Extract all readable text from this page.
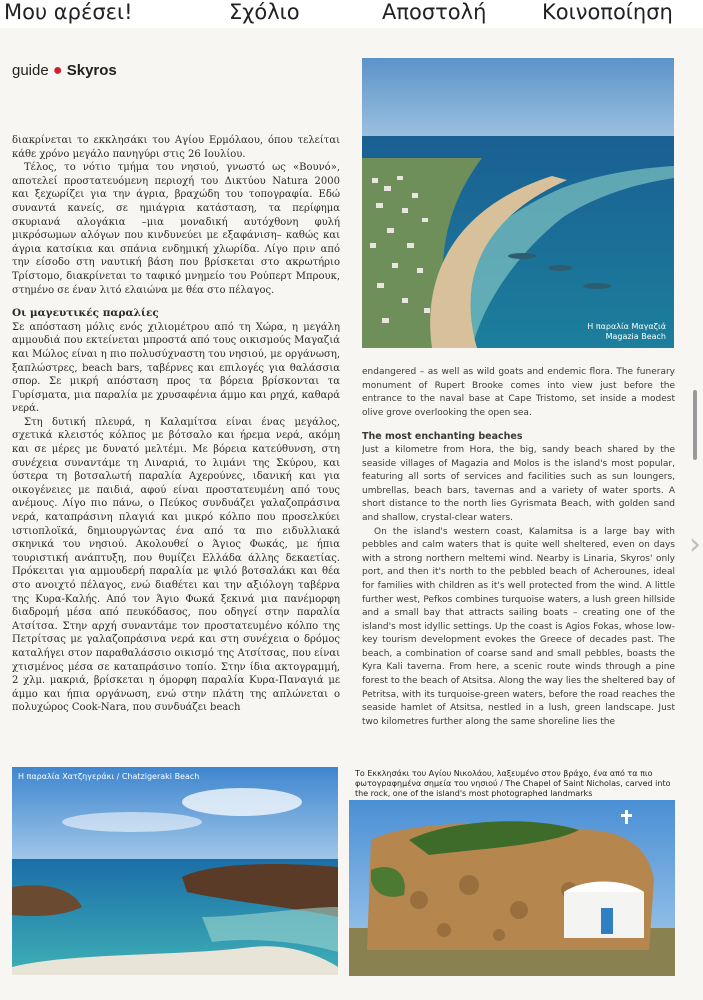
Μου αρέσει!	Σχόλιο	Αποστολή	Κοινοποίηση
guide ● Skyros

διακρίνεται το εκκλησάκι του Αγίου Ερμόλαου, όπου τελείται κάθε χρόνο μεγάλο πανηγύρι στις 26 Ιουλίου.

Τέλος, το νότιο τμήμα του νησιού, γνωστό ως «Βουνό», αποτελεί προστατευόμενη περιοχή του Δικτύου Natura 2000 και ξεχωρίζει για την άγρια, βραχώδη του τοπογραφία. Εδώ συναντά κανείς, σε ημιάγρια κατάσταση, τα περίφημα σκυριανά αλογάκια –μια μοναδική αυτόχθονη φυλή μικρόσωμων αλόγων που κινδυνεύει με εξαφάνιση– καθώς και άγρια κατσίκια και σπάνια ενδημική χλωρίδα. Λίγο πριν από την είσοδο στη ναυτική βάση που βρίσκεται στο ακρωτήριο Τρίστομο, διακρίνεται το ταφικό μνημείο του Ρούπερτ Μπρουκ, στημένο σε έναν λιτό ελαιώνα με θέα στο πέλαγος.

Οι μαγευτικές παραλίες

Σε απόσταση μόλις ενός χιλιομέτρου από τη Χώρα, η μεγάλη αμμουδιά που εκτείνεται μπροστά από τους οικισμούς Μαγαζιά και Μώλος είναι η πιο πολυσύχναστη του νησιού, με οργάνωση, ξαπλώστρες, beach bars, ταβέρνες και επιλογές για θαλάσσια σπορ. Σε μικρή απόσταση προς τα βόρεια βρίσκονται τα Γυρίσματα, μια παραλία με χρυσαφένια άμμο και ρηχά, καθαρά νερά.

Στη δυτική πλευρά, η Καλαμίτσα είναι ένας μεγάλος, σχετικά κλειστός κόλπος με βότσαλο και ήρεμα νερά, ακόμη και σε μέρες με δυνατό μελτέμι. Με βόρεια κατεύθυνση, στη συνέχεια συναντάμε τη Λιναριά, το λιμάνι της Σκύρου, και ύστερα τη βοτσαλωτή παραλία Αχερούνες, ιδανική και για οικογένειες με παιδιά, αφού είναι προστατευμένη από τους ανέμους. Λίγο πιο πάνω, ο Πεύκος συνδυάζει γαλαζοπράσινα νερά, καταπράσινη πλαγιά και μικρό κόλπο που προσελκύει ιστιοπλοϊκά, δημιουργώντας ένα από τα πιο ειδυλλιακά σκηνικά του νησιού. Ακολουθεί ο Άγιος Φωκάς, με ήπια τουριστική ανάπτυξη, που θυμίζει Ελλάδα άλλης δεκαετίας. Πρόκειται για αμμουδερή παραλία με ψιλό βοτσαλάκι και θέα στο ανοιχτό πέλαγος, ενώ διαθέτει και την αξιόλογη ταβέρνα της Κυρα-Καλής. Από τον Άγιο Φωκά ξεκινά μια πανέμορφη διαδρομή μέσα από πευκόδασος, που οδηγεί στην παραλία Ατσίτσα. Στην αρχή συναντάμε τον προστατευμένο κόλπο της Πετρίτσας με γαλαζοπράσινα νερά και στη συνέχεια ο δρόμος καταλήγει στον παραθαλάσσιο οικισμό της Ατσίτσας, που είναι χτισμένος μέσα σε καταπράσινο τοπίο. Στην ίδια ακτογραμμή, 2 χλμ. μακριά, βρίσκεται η όμορφη παραλία Κυρα-Παναγιά με άμμο και ήπια οργάνωση, ενώ στην πλάτη της απλώνεται ο πολυχώρος Cook-Nara, που συνδυάζει beach

Η παραλία Μαγαζιά
Magazia Beach

endangered – as well as wild goats and endemic flora. The funerary monument of Rupert Brooke comes into view just before the entrance to the naval base at Cape Tristomo, set inside a modest olive grove overlooking the open sea.

The most enchanting beaches

Just a kilometre from Hora, the big, sandy beach shared by the seaside villages of Magazia and Molos is the island's most popular, featuring all sorts of services and facilities such as sun loungers, umbrellas, beach bars, tavernas and a variety of water sports. A short distance to the north lies Gyrismata Beach, with golden sand and shallow, crystal-clear waters.

On the island's western coast, Kalamitsa is a large bay with pebbles and calm waters that is quite well sheltered, even on days with a strong northern meltemi wind. Nearby is Linaria, Skyros' only port, and then it's north to the pebbled beach of Acherounes, ideal for families with children as it's well protected from the wind. A little further west, Pefkos combines turquoise waters, a lush green hillside and a small bay that attracts sailing boats – creating one of the island's most idyllic settings. Up the coast is Agios Fokas, whose low-key tourism development evokes the Greece of decades past. The beach, a combination of coarse sand and small pebbles, boasts the Kyra Kali taverna. From here, a scenic route winds through a pine forest to the beach of Atsitsa. Along the way lies the sheltered bay of Petritsa, with its turquoise-green waters, before the road reaches the seaside hamlet of Atsitsa, nestled in a lush, green landscape. Just two kilometres further along the same shoreline lies the

Η παραλία Χατζηγεράκι / Chatzigeraki Beach	Το Εκκλησάκι του Αγίου Νικολάου, λαξευμένο στον βράχο, ένα από τα πιο φωτογραφημένα σημεία του νησιού / The Chapel of Saint Nicholas, carved into the rock, one of the island's most photographed landmarks
›
